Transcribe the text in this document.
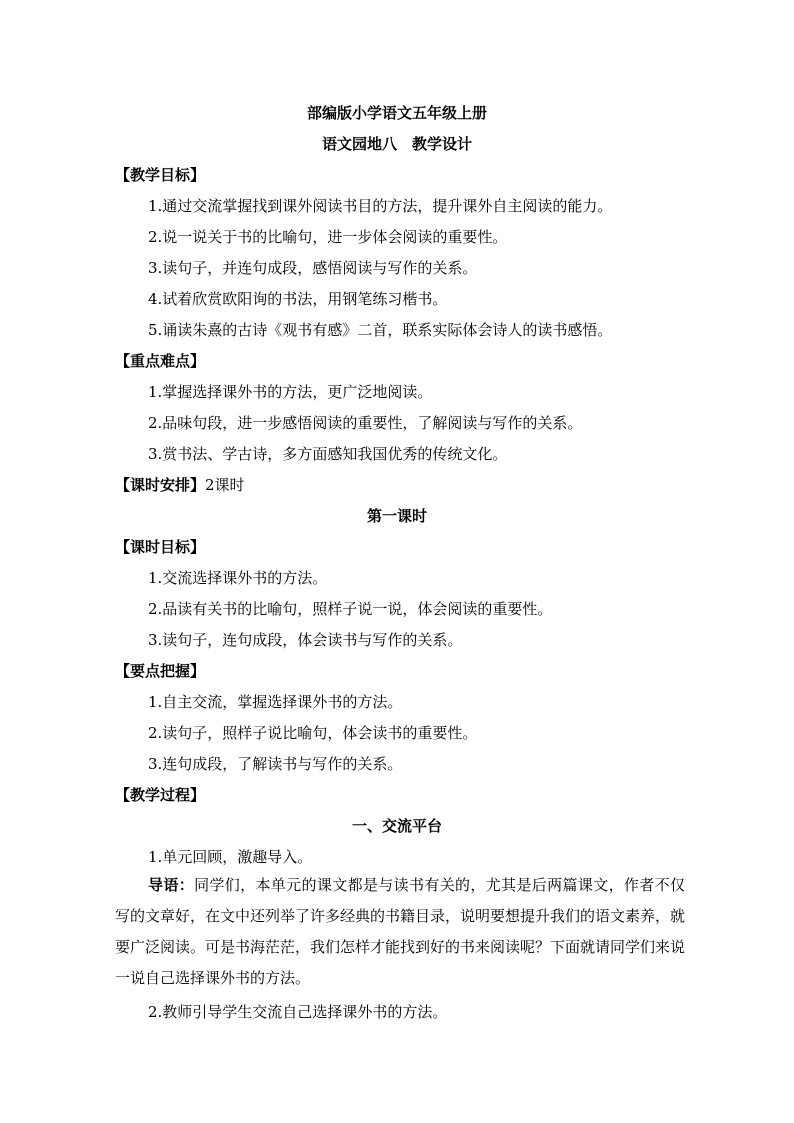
部编版小学语文五年级上册
语文园地八　教学设计
【教学目标】
1.通过交流掌握找到课外阅读书目的方法，提升课外自主阅读的能力。
2.说一说关于书的比喻句，进一步体会阅读的重要性。
3.读句子，并连句成段，感悟阅读与写作的关系。
4.试着欣赏欧阳询的书法，用钢笔练习楷书。
5.诵读朱熹的古诗《观书有感》二首，联系实际体会诗人的读书感悟。
【重点难点】
1.掌握选择课外书的方法，更广泛地阅读。
2.品味句段，进一步感悟阅读的重要性，了解阅读与写作的关系。
3.赏书法、学古诗，多方面感知我国优秀的传统文化。
【课时安排】2课时
第一课时
【课时目标】
1.交流选择课外书的方法。
2.品读有关书的比喻句，照样子说一说，体会阅读的重要性。
3.读句子，连句成段，体会读书与写作的关系。
【要点把握】
1.自主交流，掌握选择课外书的方法。
2.读句子，照样子说比喻句，体会读书的重要性。
3.连句成段，了解读书与写作的关系。
【教学过程】
一、交流平台
1.单元回顾，激趣导入。
导语：同学们，本单元的课文都是与读书有关的，尤其是后两篇课文，作者不仅写的文章好，在文中还列举了许多经典的书籍目录，说明要想提升我们的语文素养，就要广泛阅读。可是书海茫茫，我们怎样才能找到好的书来阅读呢？下面就请同学们来说一说自己选择课外书的方法。
2.教师引导学生交流自己选择课外书的方法。
